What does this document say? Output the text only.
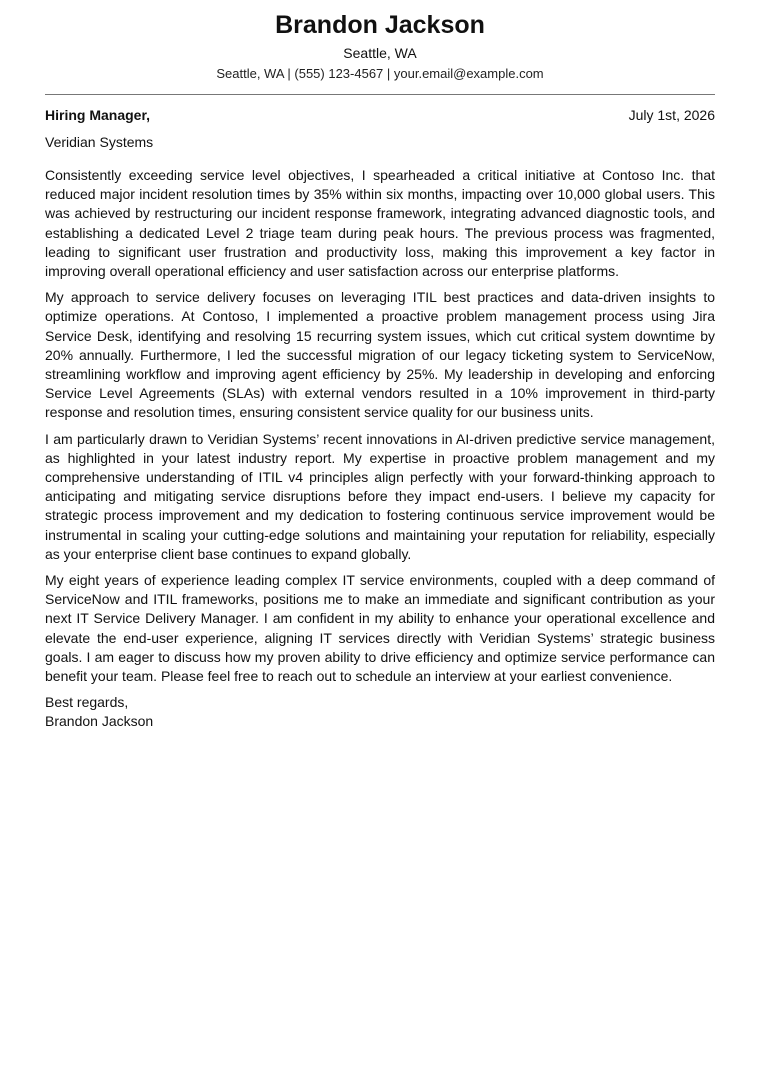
Brandon Jackson
Seattle, WA
Seattle, WA | (555) 123-4567 | your.email@example.com
Hiring Manager,	July 1st, 2026
Veridian Systems

Consistently exceeding service level objectives, I spearheaded a critical initiative at Contoso Inc. that reduced major incident resolution times by 35% within six months, impacting over 10,000 global users. This was achieved by restructuring our incident response framework, integrating advanced diagnostic tools, and establishing a dedicated Level 2 triage team during peak hours. The previous process was fragmented, leading to significant user frustration and productivity loss, making this improvement a key factor in improving overall operational efficiency and user satisfaction across our enterprise platforms.

My approach to service delivery focuses on leveraging ITIL best practices and data-driven insights to optimize operations. At Contoso, I implemented a proactive problem management process using Jira Service Desk, identifying and resolving 15 recurring system issues, which cut critical system downtime by 20% annually. Furthermore, I led the successful migration of our legacy ticketing system to ServiceNow, streamlining workflow and improving agent efficiency by 25%. My leadership in developing and enforcing Service Level Agreements (SLAs) with external vendors resulted in a 10% improvement in third-party response and resolution times, ensuring consistent service quality for our business units.

I am particularly drawn to Veridian Systems’ recent innovations in AI-driven predictive service management, as highlighted in your latest industry report. My expertise in proactive problem management and my comprehensive understanding of ITIL v4 principles align perfectly with your forward-thinking approach to anticipating and mitigating service disruptions before they impact end-users. I believe my capacity for strategic process improvement and my dedication to fostering continuous service improvement would be instrumental in scaling your cutting-edge solutions and maintaining your reputation for reliability, especially as your enterprise client base continues to expand globally.

My eight years of experience leading complex IT service environments, coupled with a deep command of ServiceNow and ITIL frameworks, positions me to make an immediate and significant contribution as your next IT Service Delivery Manager. I am confident in my ability to enhance your operational excellence and elevate the end-user experience, aligning IT services directly with Veridian Systems’ strategic business goals. I am eager to discuss how my proven ability to drive efficiency and optimize service performance can benefit your team. Please feel free to reach out to schedule an interview at your earliest convenience.

Best regards,
Brandon Jackson
